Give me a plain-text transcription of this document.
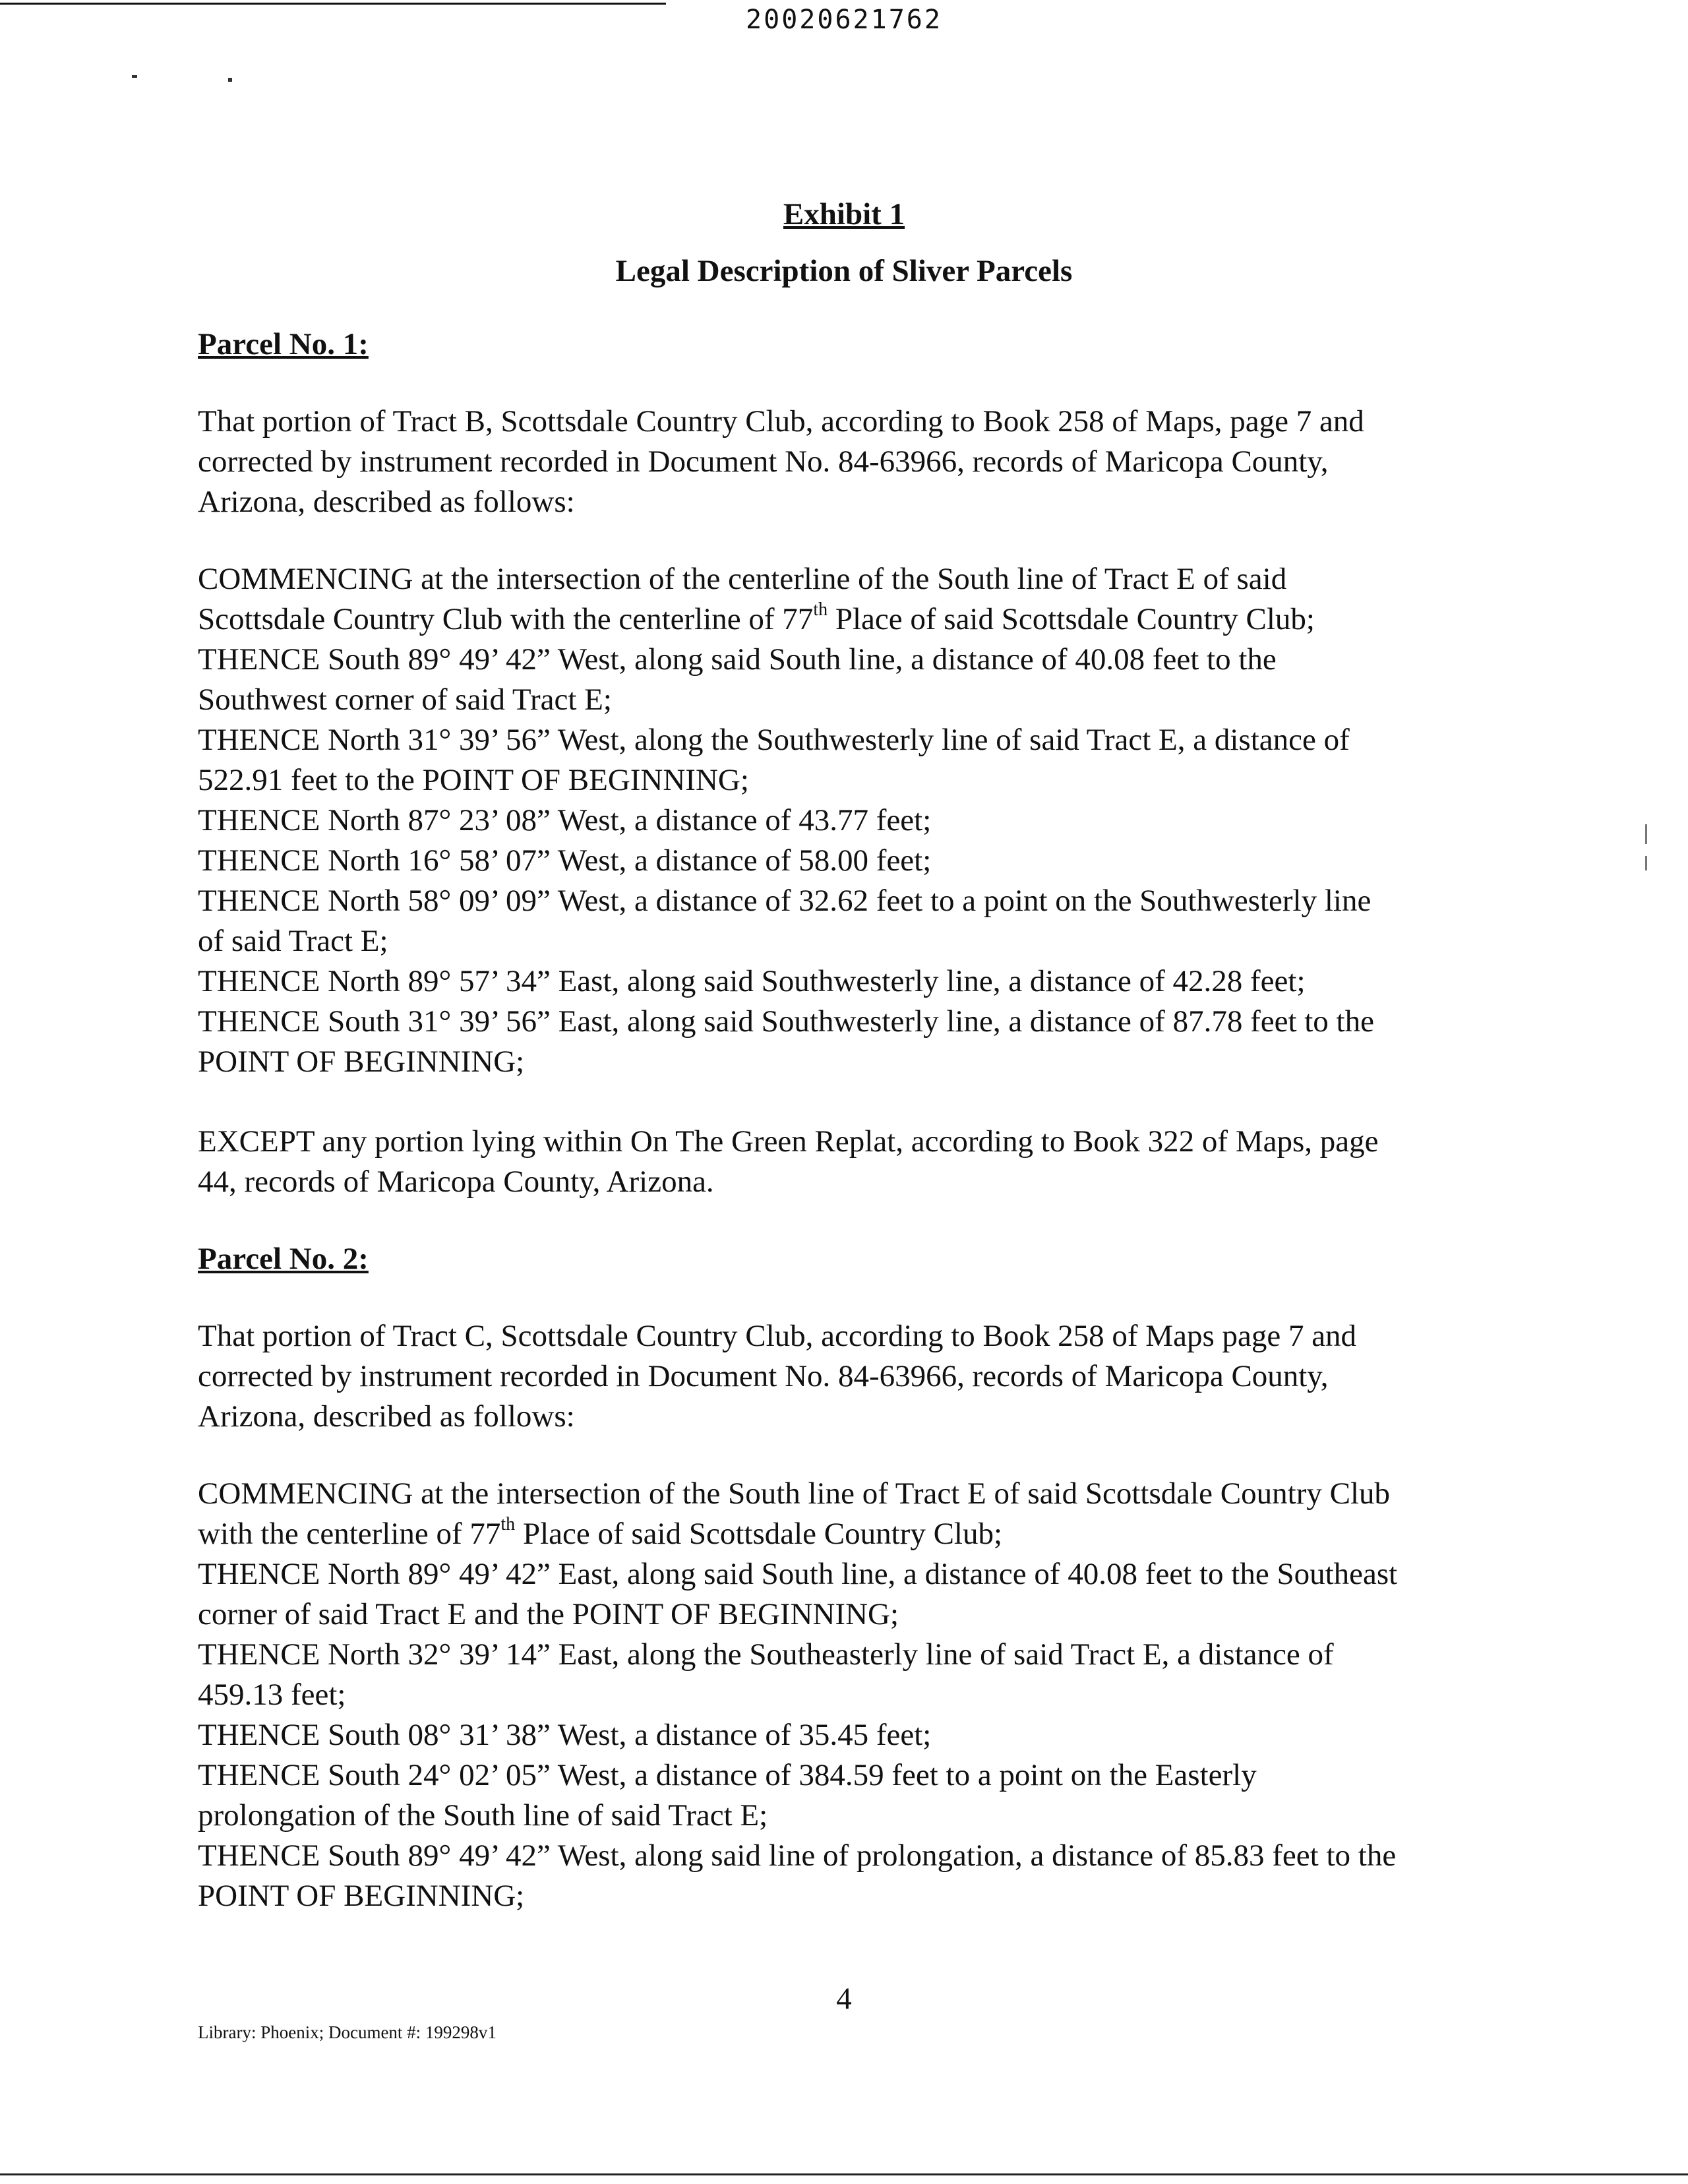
20020621762
Exhibit 1
Legal Description of Sliver Parcels
Parcel No. 1:
That portion of Tract B, Scottsdale Country Club, according to Book 258 of Maps, page 7 and
corrected by instrument recorded in Document No. 84-63966, records of Maricopa County,
Arizona, described as follows:
COMMENCING at the intersection of the centerline of the South line of Tract E of said
Scottsdale Country Club with the centerline of 77th Place of said Scottsdale Country Club;
THENCE South 89° 49’ 42” West, along said South line, a distance of 40.08 feet to the
Southwest corner of said Tract E;
THENCE North 31° 39’ 56” West, along the Southwesterly line of said Tract E, a distance of
522.91 feet to the POINT OF BEGINNING;
THENCE North 87° 23’ 08” West, a distance of 43.77 feet;
THENCE North 16° 58’ 07” West, a distance of 58.00 feet;
THENCE North 58° 09’ 09” West, a distance of 32.62 feet to a point on the Southwesterly line
of said Tract E;
THENCE North 89° 57’ 34” East, along said Southwesterly line, a distance of 42.28 feet;
THENCE South 31° 39’ 56” East, along said Southwesterly line, a distance of 87.78 feet to the
POINT OF BEGINNING;
EXCEPT any portion lying within On The Green Replat, according to Book 322 of Maps, page
44, records of Maricopa County, Arizona.
Parcel No. 2:
That portion of Tract C, Scottsdale Country Club, according to Book 258 of Maps page 7 and
corrected by instrument recorded in Document No. 84-63966, records of Maricopa County,
Arizona, described as follows:
COMMENCING at the intersection of the South line of Tract E of said Scottsdale Country Club
with the centerline of 77th Place of said Scottsdale Country Club;
THENCE North 89° 49’ 42” East, along said South line, a distance of 40.08 feet to the Southeast
corner of said Tract E and the POINT OF BEGINNING;
THENCE North 32° 39’ 14” East, along the Southeasterly line of said Tract E, a distance of
459.13 feet;
THENCE South 08° 31’ 38” West, a distance of 35.45 feet;
THENCE South 24° 02’ 05” West, a distance of 384.59 feet to a point on the Easterly
prolongation of the South line of said Tract E;
THENCE South 89° 49’ 42” West, along said line of prolongation, a distance of 85.83 feet to the
POINT OF BEGINNING;
4
Library: Phoenix; Document #: 199298v1
